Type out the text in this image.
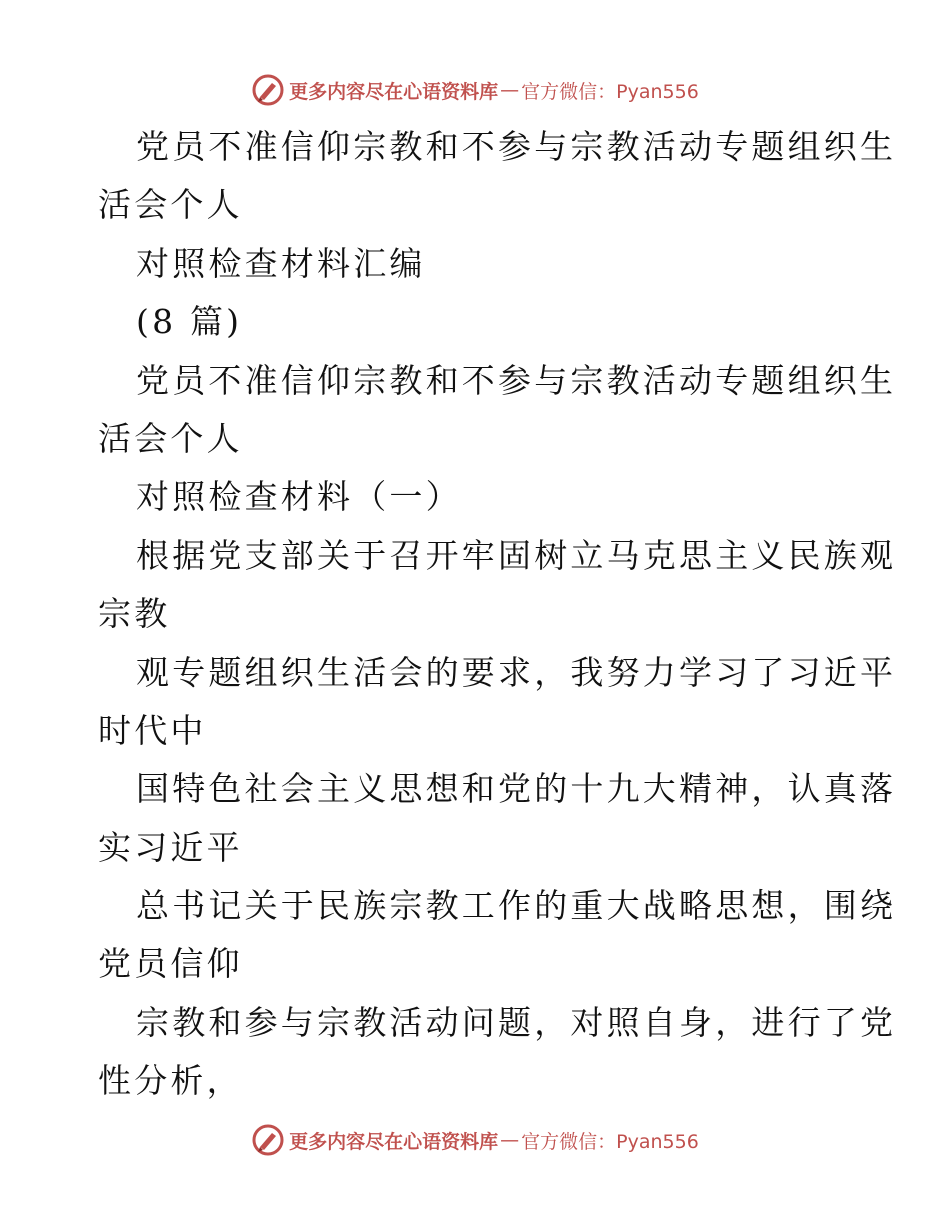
更多内容尽在心语资料库 — 官方微信：Pyan556
党员不准信仰宗教和不参与宗教活动专题组织生
活会个人
对照检查材料汇编
(8 篇)
党员不准信仰宗教和不参与宗教活动专题组织生
活会个人
对照检查材料（一）
根据党支部关于召开牢固树立马克思主义民族观
宗教
观专题组织生活会的要求，我努力学习了习近平
时代中
国特色社会主义思想和党的十九大精神，认真落
实习近平
总书记关于民族宗教工作的重大战略思想，围绕
党员信仰
宗教和参与宗教活动问题，对照自身，进行了党
性分析，
更多内容尽在心语资料库 — 官方微信：Pyan556
